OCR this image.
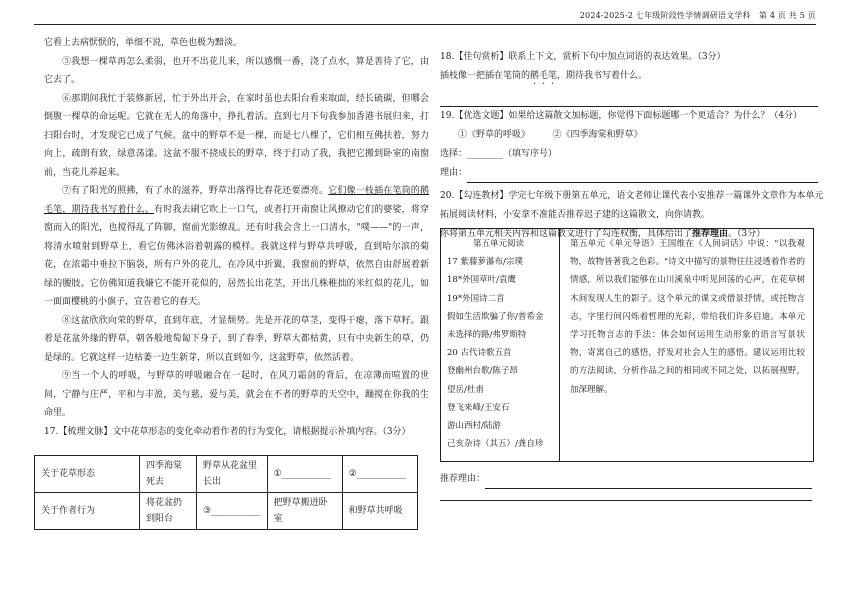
2024-2025-2 七年级阶段性学情调研语文学科　第 4 页 共 5 页

它看上去病恹恹的，单细不说，草色也极为黯淡。

⑤我想一棵草再怎么柔弱，也开不出花儿来，所以感慨一番，浇了点水，算是善待了它，由它去了。

⑥那期间我忙于装修新居，忙于外出开会，在家时虽也去阳台看来取面，经长硫碳，但哪会倒腹一棵草的命运呢。它就在无人的角落中，挣扎着活。直到七月下旬我参加香港书展归来，打扫阳台时，才发现它已成了气候。盆中的野草不是一棵，而是七八棵了，它们相互佛扶着，努力向上，疏朗有致，绿意荡漾。这盆不服不挠成长的野草，终于打动了我，我把它搬到卧室的南窗前，当花儿养起来。

⑦有了阳光的照拂，有了水的滋养，野草出落得比春花还要漂亮。它们像一枝插在笔筒的鹅毛笔，期待我书写着什么。有时我去刷它吹上一口气，或者打开南窗让风撩动它们的婆娑，将穿窗而入的阳光，也搅得乱了阵脚，窗前光影缭乱。还有时我会含上一口清水，"噗——"的一声，将清水喷射到野草上，看它仿佛沐浴着朝露的模样。我就这样与野草共呼吸，直到哈尔滨的菊花，在浓霜中垂拉下脑袋，所有户外的花儿，在冷风中折翼，我窗前的野草，依然自由舒展着新绿的腰肢。它仿佛知道我嫌它不能开花似的，居然长出花茎，开出几株稚拙的米红似的花儿，如一面面樱桃的小旗子，宣告着它的春天。

⑧这盆欣欣向荣的野草，直到年底，才显颓势。先是开花的草茎，变得干瘪，落下草籽。跟着是花盆外缘的野草，朝各般地萄匐下身子，到了春季，野草大都枯黄，只有中央新生的草，仍是绿的。它就这样一边枯萎一边生新芽，所以直到如今，这盆野草，依然活着。

⑨当一个人的呼吸，与野草的呼吸融合在一起时，在风刀霜剑的背后，在凉薄而喧置的世间，宁静与庄严，平和与丰盈，美与慈，爱与美，就会在不者的野草的天空中，蹦搅在你我的生命里。

17.【梳理文脉】文中花草形态的变化牵动着作者的行为变化，请根据提示补填内容。（3分）

关于花草形态	四季海棠死去	野草从花盆里长出	①___________	②___________
关于作者行为	将花盆扔到阳台	③___________	把野草搬进卧室	和野草共呼吸
18.【佳句赏析】联系上下文，赏析下句中加点词语的表达效果。（3分）
插枝像一把插在笔筒的鹅毛笔，期待我书写着什么。
19.【优选文题】如果给这篇散文加标题，你觉得下面标题哪一个更适合？为什么？（4分）
①《野草的呼吸》　　　②《四季海棠和野草》
选择：________（填写序号）
理由：
20.【勾连教材】学完七年级下册第五单元，语文老师让课代表小安推荐一篇课外文章作为本单元
拓展阅读材料，小安拿不准能否推荐迟子建的这篇散文，向你请教。
你将第五单元相关内容和这篇散文进行了勾连权衡，具体给出了推荐理由。（3分）
第五单元阅读
17 紫藤萝瀑布/宗璞
18*外国草叶/袁鹰
19*外国诗二首
假如生活欺骗了你/普希金
未选择的路/弗罗斯特
20 古代诗歌五首
登幽州台歌/陈子昂
望岳/杜甫
登飞来峰/王安石
游山西村/陆游
己亥杂诗（其五）/龚自珍
第五单元《单元导语》王国维在《人间词话》中说："以我观物，故物皆著我之色彩。"诗文中描写的景物往往浸透着作者的情感，所以我们能够在山川溪泉中听见回荡的心声，在花草树木间发现人生的影子。这个单元的课文或借景抒情，或托物言志，字里行间闪烁着哲理的光彩，带给我们许多启迪。本单元学习托物言志的手法：体会如何运用生动形象的语言写景状物，寄寓自己的感悟，抒发对社会人生的感悟。建议运用比较的方法阅读，分析作品之间的相同或不同之处，以拓展视野，加深理解。
推荐理由：
